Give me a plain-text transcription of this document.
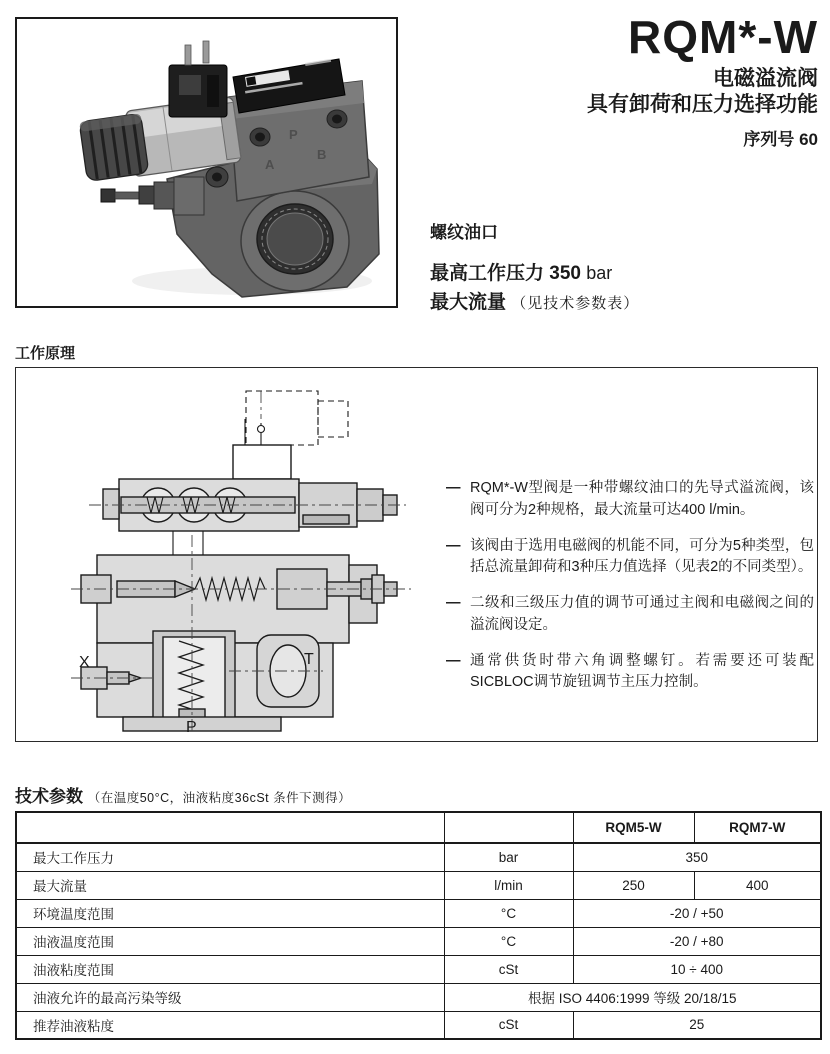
P
A
B
RQM*-W
电磁溢流阀
具有卸荷和压力选择功能
序列号 60
螺纹油口
最高工作压力 350 bar
最大流量 （见技术参数表）
工作原理
X	T
P
— RQM*-W型阀是一种带螺纹油口的先导式溢流阀，该阀可分为2种规格，最大流量可达400 l/min。
— 该阀由于选用电磁阀的机能不同，可分为5种类型，包括总流量卸荷和3种压力值选择（见表2的不同类型）。
— 二级和三级压力值的调节可通过主阀和电磁阀之间的溢流阀设定。
— 通常供货时带六角调整螺钉。若需要还可装配SICBLOC调节旋钮调节主压力控制。
技术参数 （在温度50°C，油液粘度36cSt 条件下测得）
		RQM5-W	RQM7-W
最大工作压力	bar	350	
最大流量	l/min	250	400
环境温度范围	°C	-20 / +50	
油液温度范围	°C	-20 / +80	
油液粘度范围	cSt	10 ÷ 400	
油液允许的最高污染等级	根据 ISO 4406:1999 等级 20/18/15		
推荐油液粘度	cSt	25	
